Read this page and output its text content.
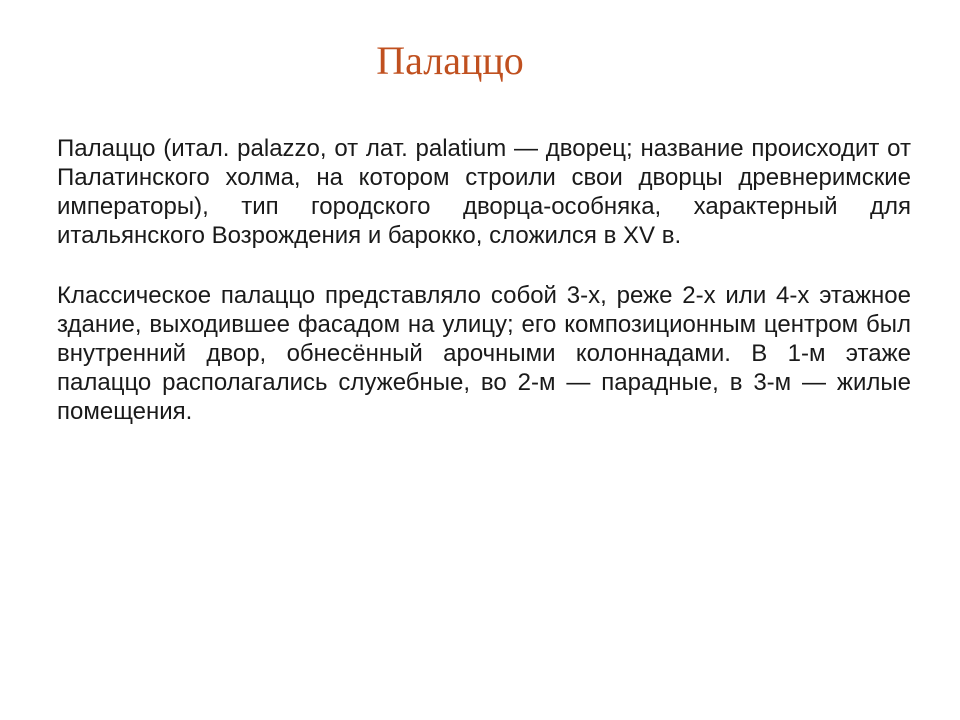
Палаццо

Палаццо (итал. palazzo, от лат. palatium — дворец; название происходит от Палатинского холма, на котором строили свои дворцы древнеримские императоры), тип городского дворца-особняка, характерный для итальянского Возрождения и барокко, сложился в XV в.

Классическое палаццо представляло собой 3-х, реже 2-х или 4-х этажное здание, выходившее фасадом на улицу; его композиционным центром был внутренний двор, обнесённый арочными колоннадами. В 1-м этаже палаццо располагались служебные, во 2-м — парадные, в 3-м — жилые помещения.
